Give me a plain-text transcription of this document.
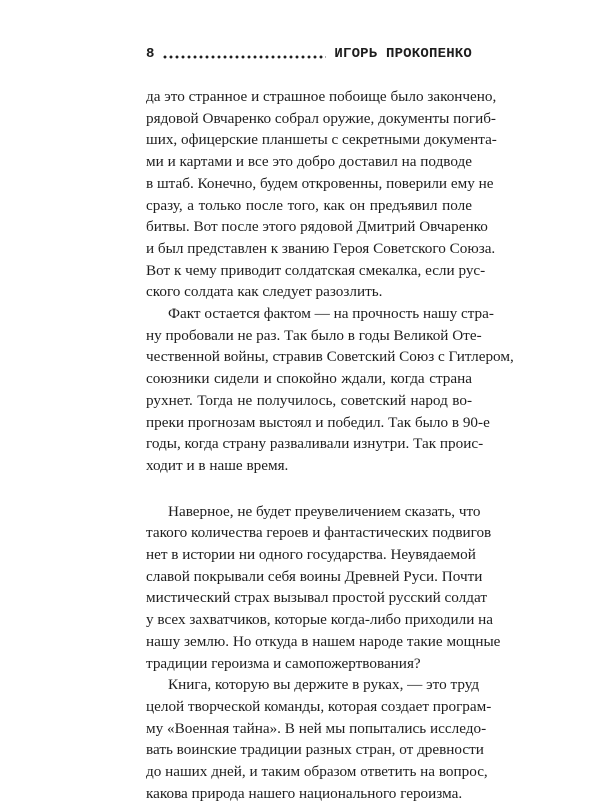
8	ИГОРЬ ПРОКОПЕНКО
да это странное и страшное побоище было закончено,
рядовой Овчаренко собрал оружие, документы погиб-
ших, офицерские планшеты с секретными документа-
ми и картами и все это добро доставил на подводе
в штаб. Конечно, будем откровенны, поверили ему не
сразу, а только после того, как он предъявил поле
битвы. Вот после этого рядовой Дмитрий Овчаренко
и был представлен к званию Героя Советского Союза.
Вот к чему приводит солдатская смекалка, если рус-
ского солдата как следует разозлить.
Факт остается фактом — на прочность нашу стра-
ну пробовали не раз. Так было в годы Великой Оте-
чественной войны, стравив Советский Союз с Гитлером,
союзники сидели и спокойно ждали, когда страна
рухнет. Тогда не получилось, советский народ во-
преки прогнозам выстоял и победил. Так было в 90-е
годы, когда страну разваливали изнутри. Так проис-
ходит и в наше время.
Наверное, не будет преувеличением сказать, что
такого количества героев и фантастических подвигов
нет в истории ни одного государства. Неувядаемой
славой покрывали себя воины Древней Руси. Почти
мистический страх вызывал простой русский солдат
у всех захватчиков, которые когда-либо приходили на
нашу землю. Но откуда в нашем народе такие мощные
традиции героизма и самопожертвования?
Книга, которую вы держите в руках, — это труд
целой творческой команды, которая создает програм-
му «Военная тайна». В ней мы попытались исследо-
вать воинские традиции разных стран, от древности
до наших дней, и таким образом ответить на вопрос,
какова природа нашего национального героизма.
